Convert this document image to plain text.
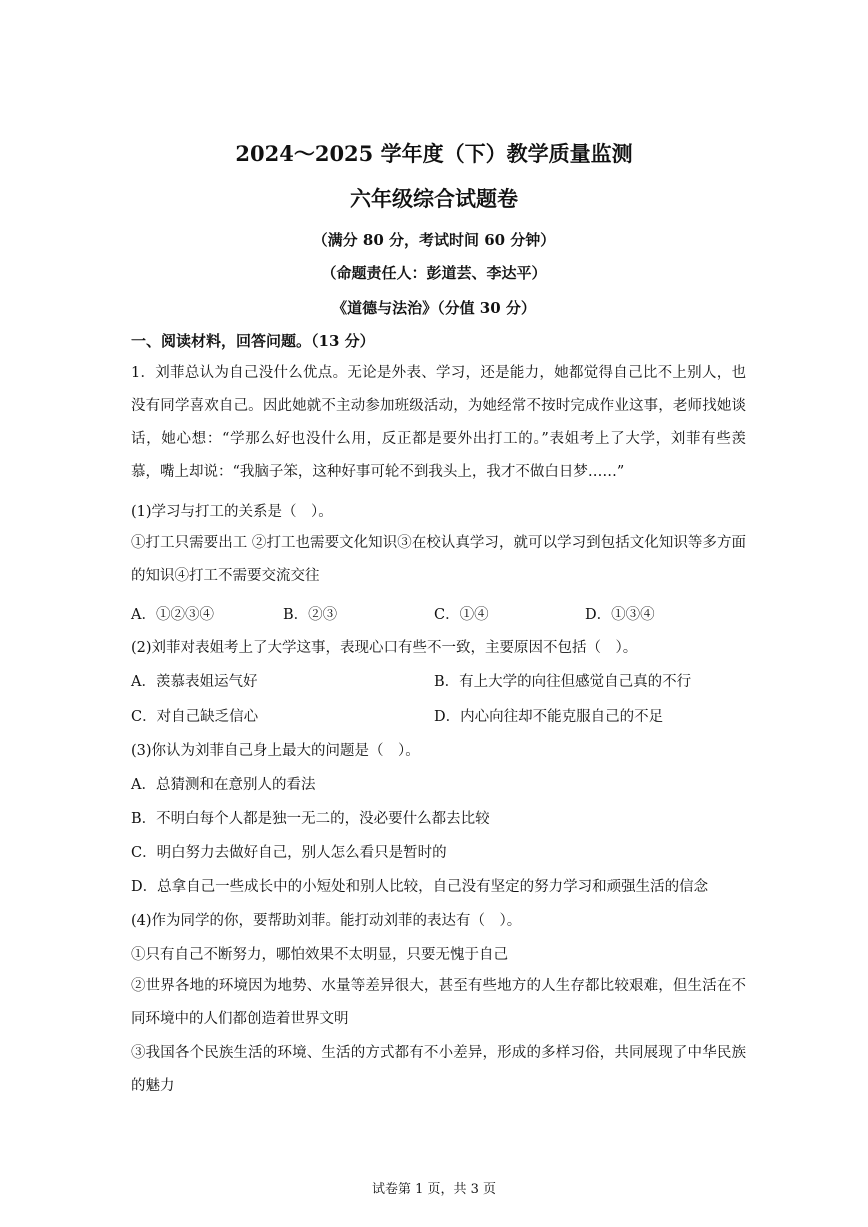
2024～2025 学年度（下）教学质量监测
六年级综合试题卷
（满分 80 分，考试时间 60 分钟）
（命题责任人：彭道芸、李达平）
《道德与法治》（分值 30 分）
一、阅读材料，回答问题。（13 分）
1．刘菲总认为自己没什么优点。无论是外表、学习，还是能力，她都觉得自己比不上别人，也没有同学喜欢自己。因此她就不主动参加班级活动，为她经常不按时完成作业这事，老师找她谈话，她心想：“学那么好也没什么用，反正都是要外出打工的。”表姐考上了大学，刘菲有些羡慕，嘴上却说：“我脑子笨，这种好事可轮不到我头上，我才不做白日梦……”
(1)学习与打工的关系是（　）。
①打工只需要出工 ②打工也需要文化知识③在校认真学习，就可以学习到包括文化知识等多方面的知识④打工不需要交流交往
A．①②③④	B．②③	C．①④	D．①③④
(2)刘菲对表姐考上了大学这事，表现心口有些不一致，主要原因不包括（　）。
A．羡慕表姐运气好	B．有上大学的向往但感觉自己真的不行
C．对自己缺乏信心	D．内心向往却不能克服自己的不足
(3)你认为刘菲自己身上最大的问题是（　）。
A．总猜测和在意别人的看法
B．不明白每个人都是独一无二的，没必要什么都去比较
C．明白努力去做好自己，别人怎么看只是暂时的
D．总拿自己一些成长中的小短处和别人比较，自己没有坚定的努力学习和顽强生活的信念
(4)作为同学的你，要帮助刘菲。能打动刘菲的表达有（　）。
①只有自己不断努力，哪怕效果不太明显，只要无愧于自己
②世界各地的环境因为地势、水量等差异很大，甚至有些地方的人生存都比较艰难，但生活在不同环境中的人们都创造着世界文明
③我国各个民族生活的环境、生活的方式都有不小差异，形成的多样习俗，共同展现了中华民族的魅力
试卷第 1 页，共 3 页
